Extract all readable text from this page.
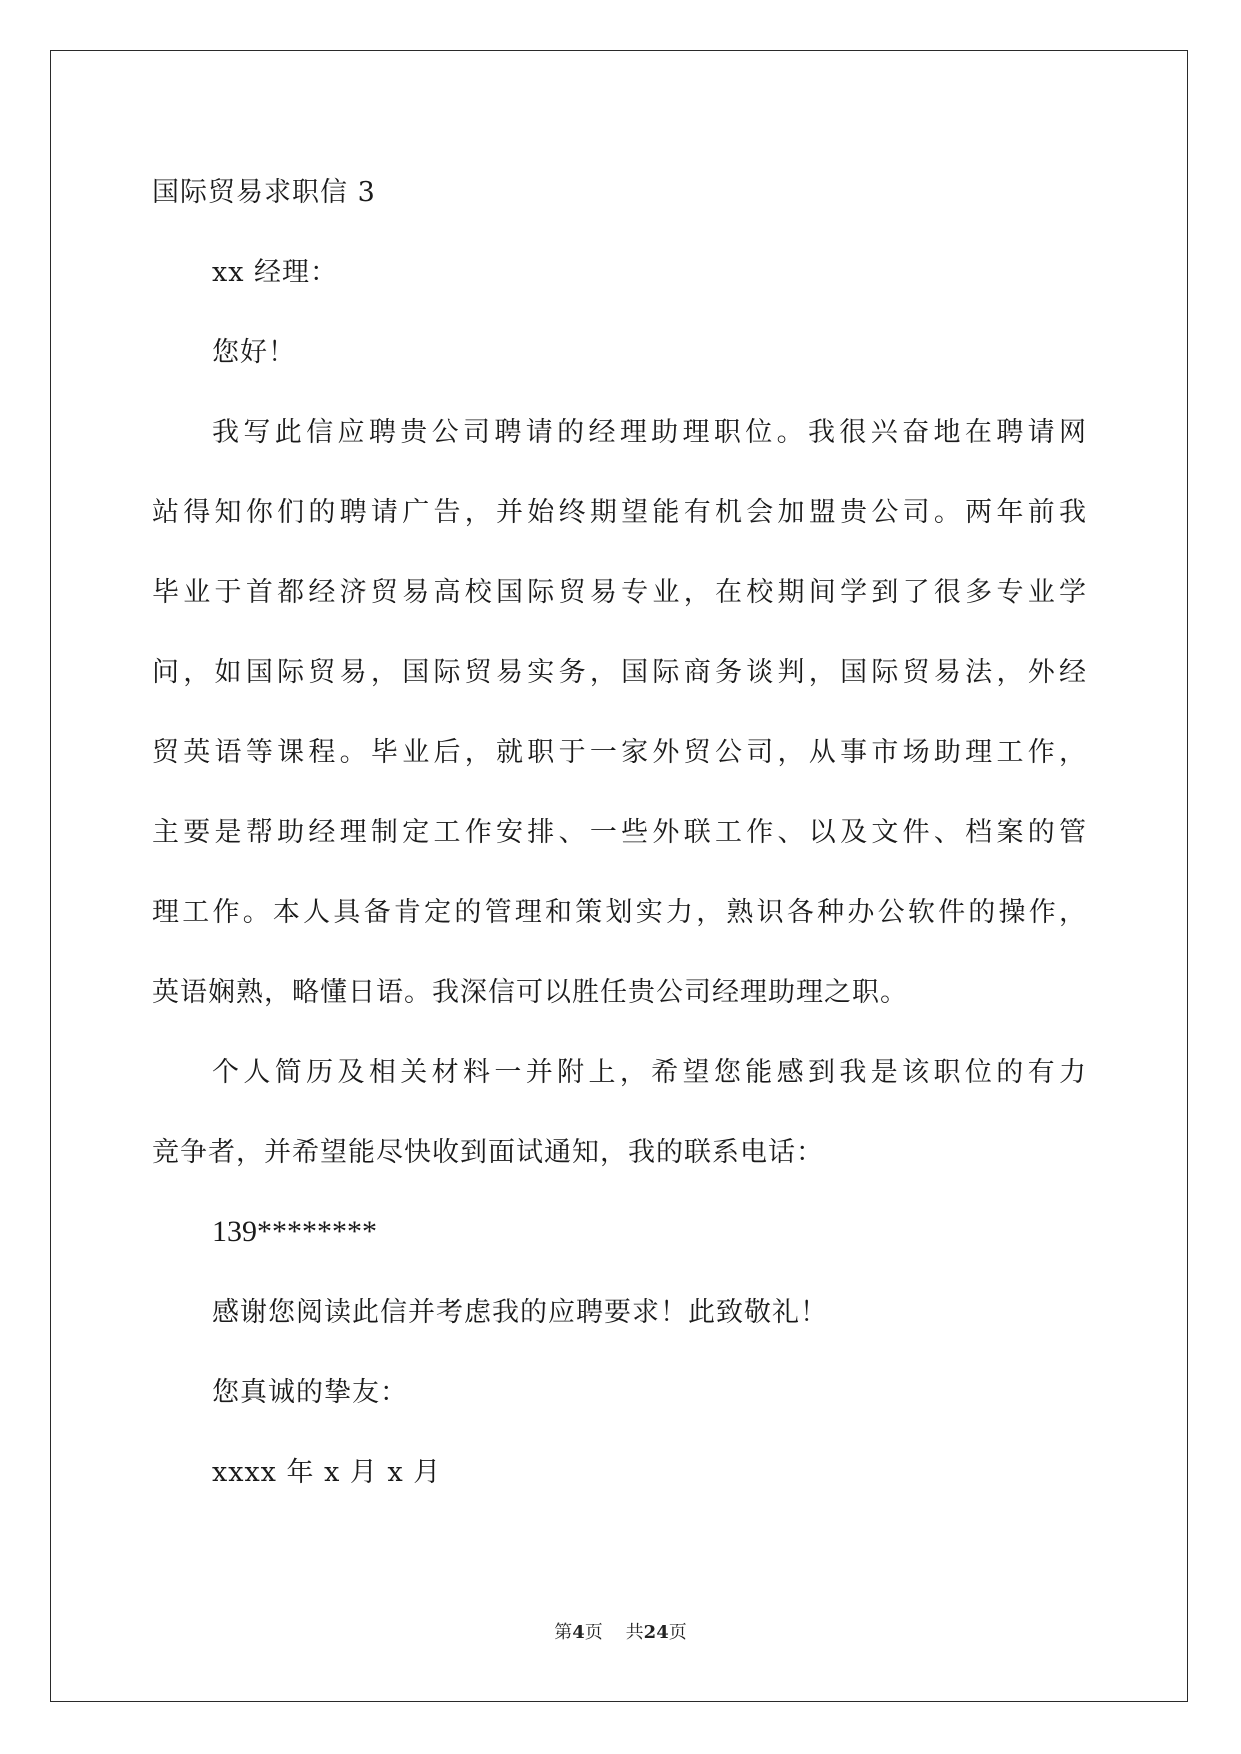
国际贸易求职信 3
xx 经理：
您好！
我写此信应聘贵公司聘请的经理助理职位。我很兴奋地在聘请网
站得知你们的聘请广告，并始终期望能有机会加盟贵公司。两年前我
毕业于首都经济贸易高校国际贸易专业，在校期间学到了很多专业学
问，如国际贸易，国际贸易实务，国际商务谈判，国际贸易法，外经
贸英语等课程。毕业后，就职于一家外贸公司，从事市场助理工作，
主要是帮助经理制定工作安排、一些外联工作、以及文件、档案的管
理工作。本人具备肯定的管理和策划实力，熟识各种办公软件的操作，
英语娴熟，略懂日语。我深信可以胜任贵公司经理助理之职。
个人简历及相关材料一并附上，希望您能感到我是该职位的有力
竞争者，并希望能尽快收到面试通知，我的联系电话：
139********
感谢您阅读此信并考虑我的应聘要求！此致敬礼！
您真诚的挚友：
xxxx 年 x 月 x 月
第4页 共24页
